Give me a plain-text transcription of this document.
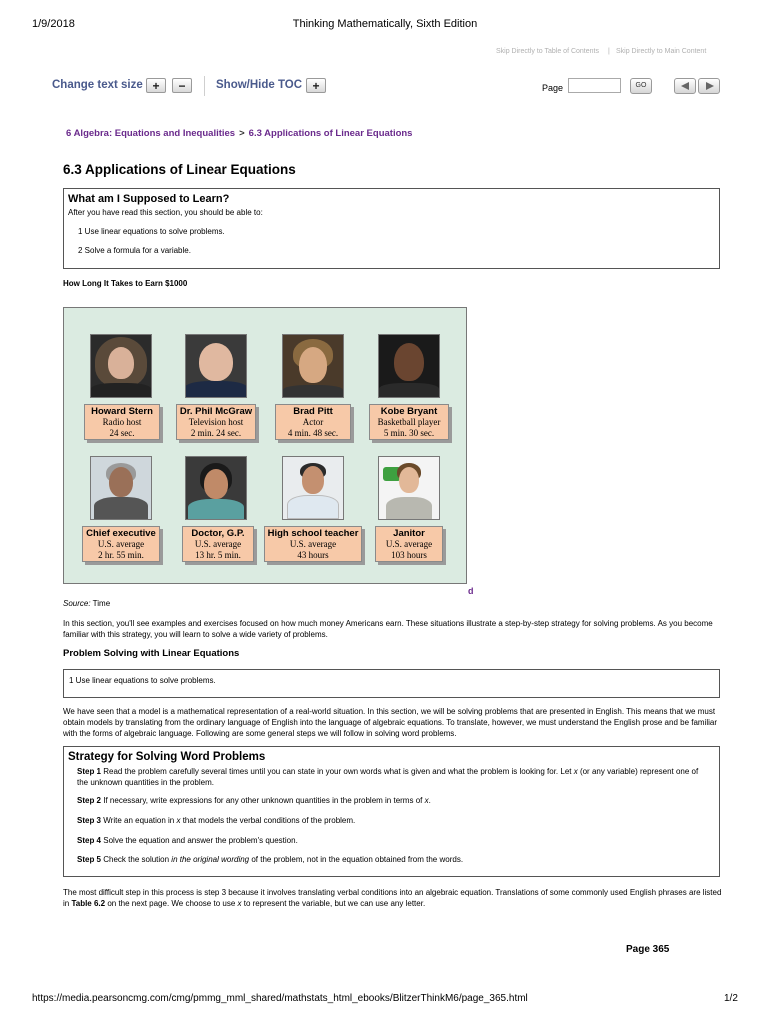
1/9/2018	Thinking Mathematically, Sixth Edition
Skip Directly to Table of Contents | Skip Directly to Main Content
Change text size +	−	Show/Hide TOC +	Page	GO
6 Algebra: Equations and Inequalities > 6.3 Applications of Linear Equations
6.3 Applications of Linear Equations
What am I Supposed to Learn?
After you have read this section, you should be able to:
1 Use linear equations to solve problems.
2 Solve a formula for a variable.
How Long It Takes to Earn $1000
Howard Stern
Radio host
24 sec.
Dr. Phil McGraw
Television host
2 min. 24 sec.
Brad Pitt
Actor
4 min. 48 sec.
Kobe Bryant
Basketball player
5 min. 30 sec.
Chief executive
U.S. average
2 hr. 55 min.
Doctor, G.P.
U.S. average
13 hr. 5 min.
High school teacher
U.S. average
43 hours
Janitor
U.S. average
103 hours
d
Source: Time
In this section, you'll see examples and exercises focused on how much money Americans earn. These situations illustrate a step-by-step strategy for solving problems. As you become familiar with this strategy, you will learn to solve a wide variety of problems.
Problem Solving with Linear Equations
1 Use linear equations to solve problems.
We have seen that a model is a mathematical representation of a real-world situation. In this section, we will be solving problems that are presented in English. This means that we must obtain models by translating from the ordinary language of English into the language of algebraic equations. To translate, however, we must understand the English prose and be familiar with the forms of algebraic language. Following are some general steps we will follow in solving word problems.
Strategy for Solving Word Problems
Step 1 Read the problem carefully several times until you can state in your own words what is given and what the problem is looking for. Let x (or any variable) represent one of the unknown quantities in the problem.
Step 2 If necessary, write expressions for any other unknown quantities in the problem in terms of x.
Step 3 Write an equation in x that models the verbal conditions of the problem.
Step 4 Solve the equation and answer the problem's question.
Step 5 Check the solution in the original wording of the problem, not in the equation obtained from the words.
The most difficult step in this process is step 3 because it involves translating verbal conditions into an algebraic equation. Translations of some commonly used English phrases are listed in Table 6.2 on the next page. We choose to use x to represent the variable, but we can use any letter.
Page 365
https://media.pearsoncmg.com/cmg/pmmg_mml_shared/mathstats_html_ebooks/BlitzerThinkM6/page_365.html	1/2
